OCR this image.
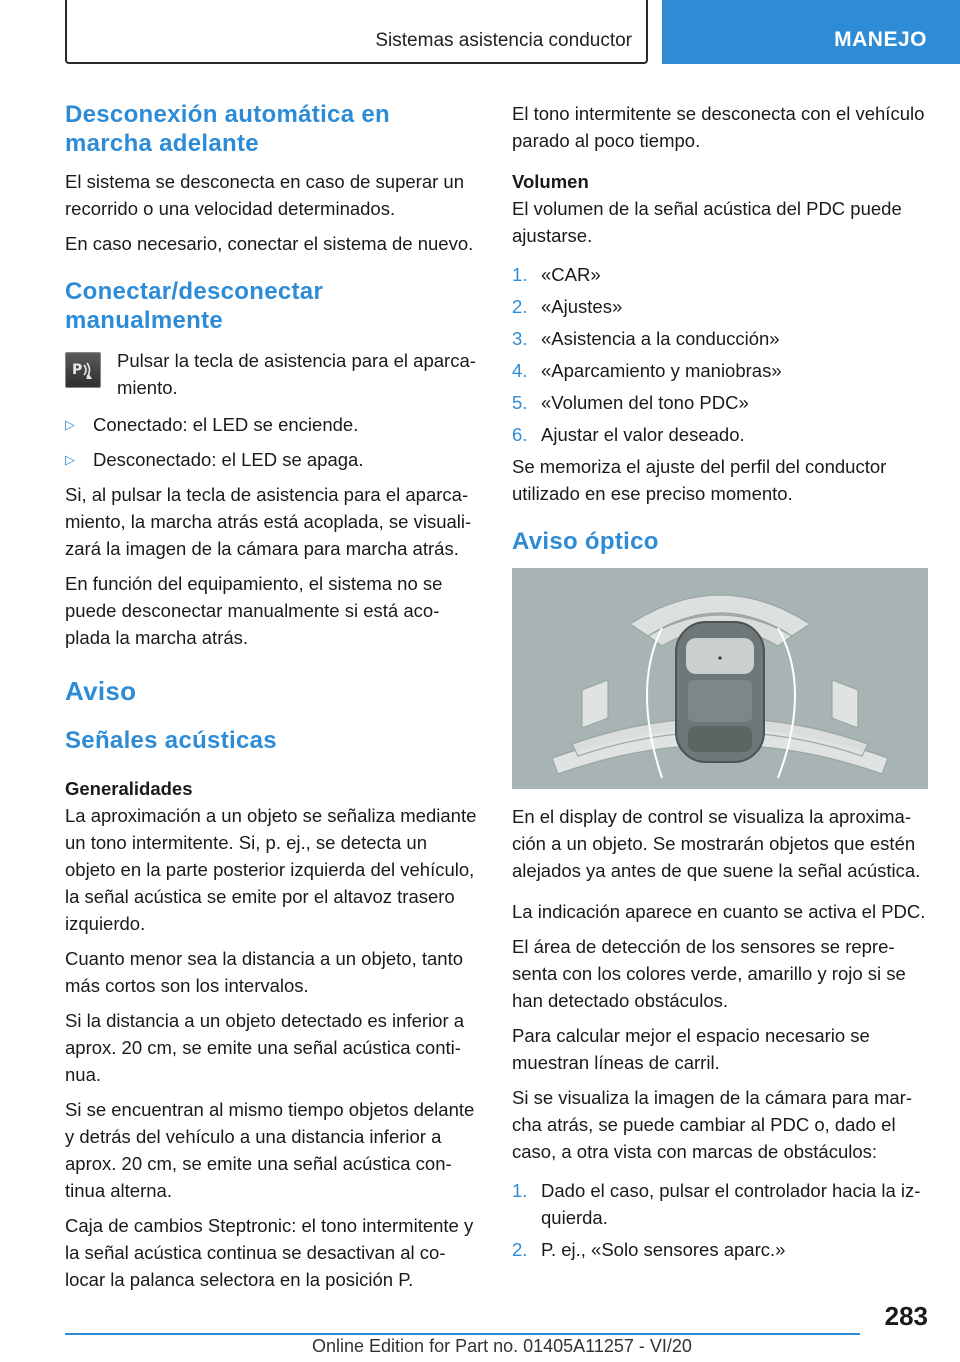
Sistemas asistencia conductor	MANEJO
Desconexión automática en marcha adelante

El sistema se desconecta en caso de superar un recorrido o una velocidad determinados.

En caso necesario, conectar el sistema de nuevo.

Conectar/desconectar manualmente
P Pulsar la tecla de asistencia para el aparcamiento.
▷ Conectado: el LED se enciende.
▷ Desconectado: el LED se apaga.

Si, al pulsar la tecla de asistencia para el aparcamiento, la marcha atrás está acoplada, se visualizará la imagen de la cámara para marcha atrás.

En función del equipamiento, el sistema no se puede desconectar manualmente si está acoplada la marcha atrás.

Aviso
Señales acústicas
Generalidades

La aproximación a un objeto se señaliza mediante un tono intermitente. Si, p. ej., se detecta un objeto en la parte posterior izquierda del vehículo, la señal acústica se emite por el altavoz trasero izquierdo.

Cuanto menor sea la distancia a un objeto, tanto más cortos son los intervalos.

Si la distancia a un objeto detectado es inferior a aprox. 20 cm, se emite una señal acústica continua.

Si se encuentran al mismo tiempo objetos delante y detrás del vehículo a una distancia inferior a aprox. 20 cm, se emite una señal acústica continua alterna.

Caja de cambios Steptronic: el tono intermitente y la señal acústica continua se desactivan al colocar la palanca selectora en la posición P.

El tono intermitente se desconecta con el vehículo parado al poco tiempo.

Volumen

El volumen de la señal acústica del PDC puede ajustarse.

1. «CAR»
2. «Ajustes»
3. «Asistencia a la conducción»
4. «Aparcamiento y maniobras»
5. «Volumen del tono PDC»
6. Ajustar el valor deseado.

Se memoriza el ajuste del perfil del conductor utilizado en ese preciso momento.

Aviso óptico

En el display de control se visualiza la aproximación a un objeto. Se mostrarán objetos que estén alejados ya antes de que suene la señal acústica.

La indicación aparece en cuanto se activa el PDC.

El área de detección de los sensores se representa con los colores verde, amarillo y rojo si se han detectado obstáculos.

Para calcular mejor el espacio necesario se muestran líneas de carril.

Si se visualiza la imagen de la cámara para marcha atrás, se puede cambiar al PDC o, dado el caso, a otra vista con marcas de obstáculos:

1. Dado el caso, pulsar el controlador hacia la izquierda.
2. P. ej., «Solo sensores aparc.»
283
Online Edition for Part no. 01405A11257 - VI/20
